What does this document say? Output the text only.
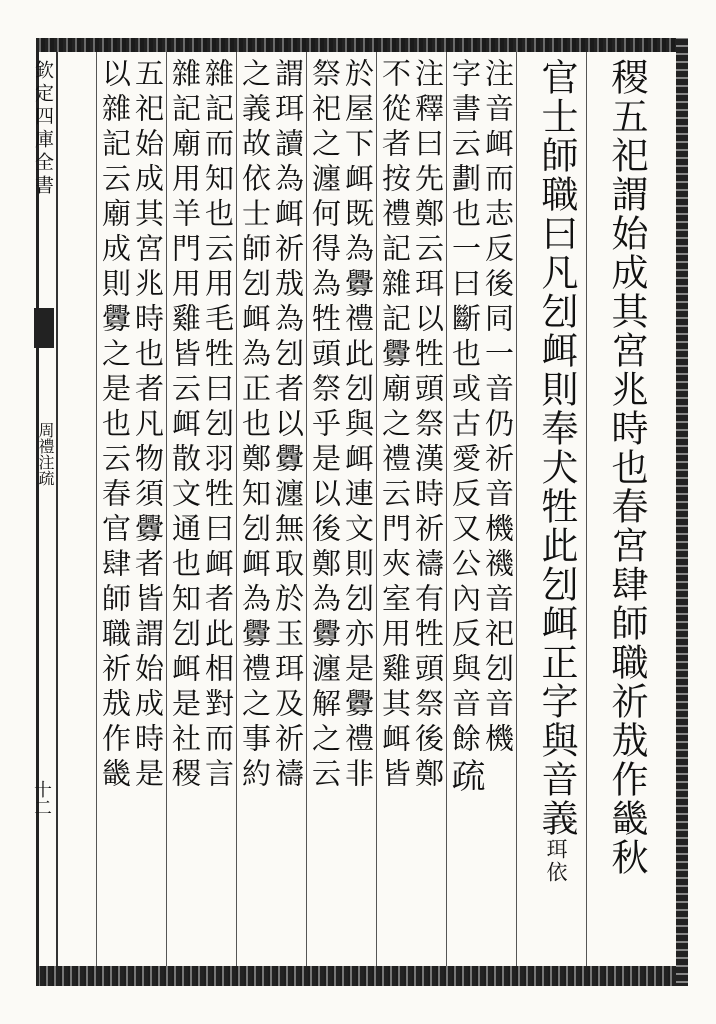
欽定四庫全書
周禮注疏
十二	稷五祀謂始成其宮兆時也春宮肆師職祈㦲作畿秋
官士師職曰凡刉衈則奉犬牲此刉衈正字與音義珥依
注音衈而志反後同一音仍祈音機禨音祀刉音機
字書云劃也一曰斷也或古愛反又公內反與音餘疏
注釋曰先鄭云珥以牲頭祭漢時祈禱有牲頭祭後鄭
不從者按禮記雜記釁廟之禮云門夾室用雞其衈皆
於屋下衈既為釁禮此刉與衈連文則刉亦是釁禮非
祭祀之瀍何得為牲頭祭乎是以後鄭為釁瀍解之云
謂珥讀為衈祈㦲為刉者以釁瀍無取於玉珥及祈禱
之義故依士師刉衈為正也鄭知刉衈為釁禮之事約
雜記而知也云用毛牲曰刉羽牲曰衈者此相對而言
雜記廟用羊門用雞皆云衈散文通也知刉衈是社稷
五祀始成其宮兆時也者凡物須釁者皆謂始成時是
以雜記云廟成則釁之是也云春官肆師職祈㦲作畿
